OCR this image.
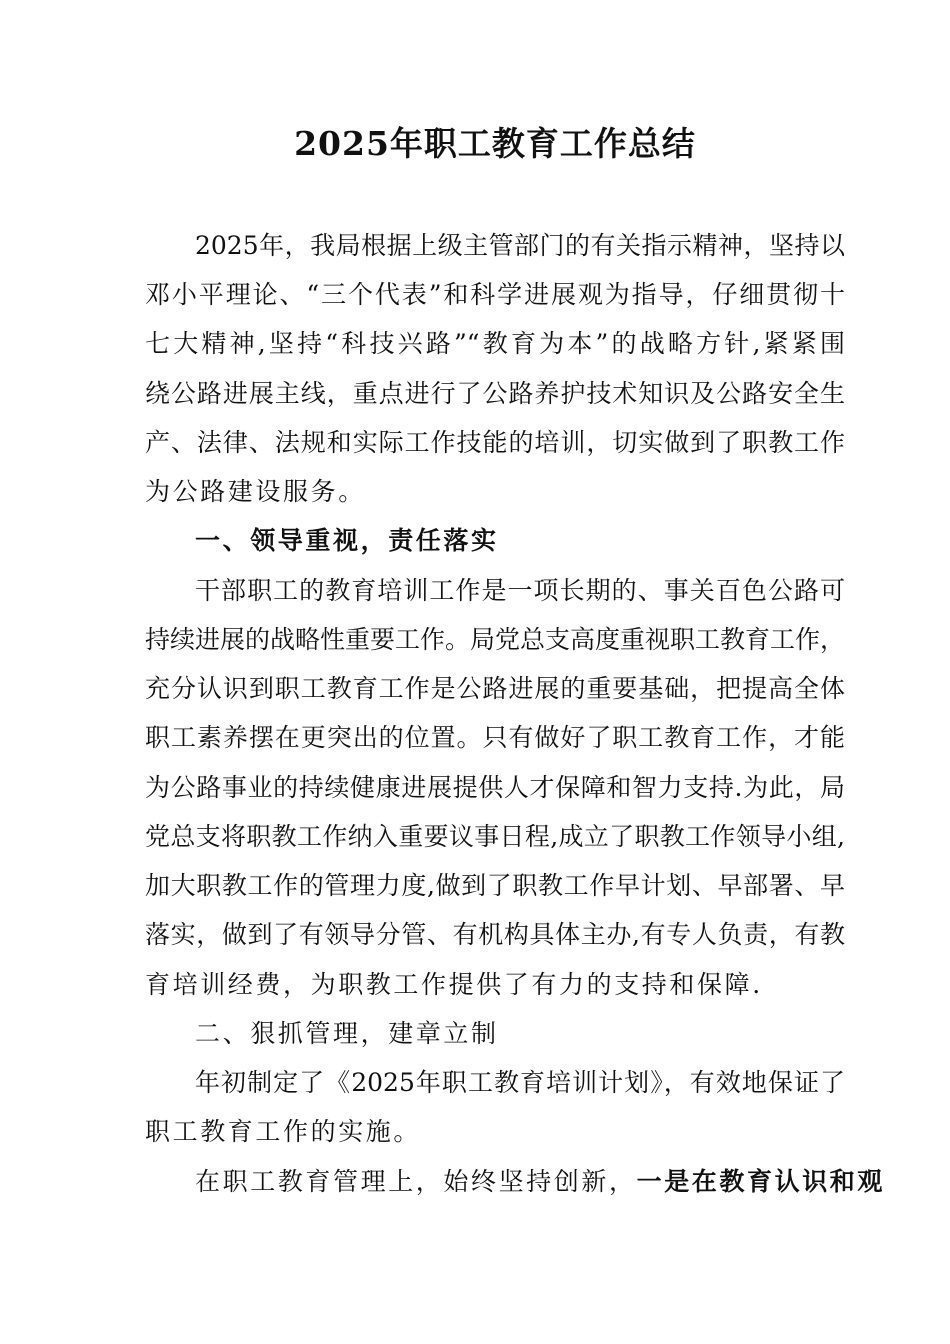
2025年职工教育工作总结
2025年，我局根据上级主管部门的有关指示精神，坚持以
邓小平理论、“三个代表”和科学进展观为指导，仔细贯彻十
七大精神,坚持“科技兴路”“教育为本”的战略方针,紧紧围
绕公路进展主线，重点进行了公路养护技术知识及公路安全生
产、法律、法规和实际工作技能的培训，切实做到了职教工作
为公路建设服务。
一、领导重视，责任落实
干部职工的教育培训工作是一项长期的、事关百色公路可
持续进展的战略性重要工作。局党总支高度重视职工教育工作，
充分认识到职工教育工作是公路进展的重要基础，把提高全体
职工素养摆在更突出的位置。只有做好了职工教育工作，才能
为公路事业的持续健康进展提供人才保障和智力支持.为此，局
党总支将职教工作纳入重要议事日程,成立了职教工作领导小组,
加大职教工作的管理力度,做到了职教工作早计划、早部署、早
落实，做到了有领导分管、有机构具体主办,有专人负责，有教
育培训经费，为职教工作提供了有力的支持和保障.
二、狠抓管理，建章立制
年初制定了《2025年职工教育培训计划》，有效地保证了
职工教育工作的实施。
在职工教育管理上，始终坚持创新，一是在教育认识和观
